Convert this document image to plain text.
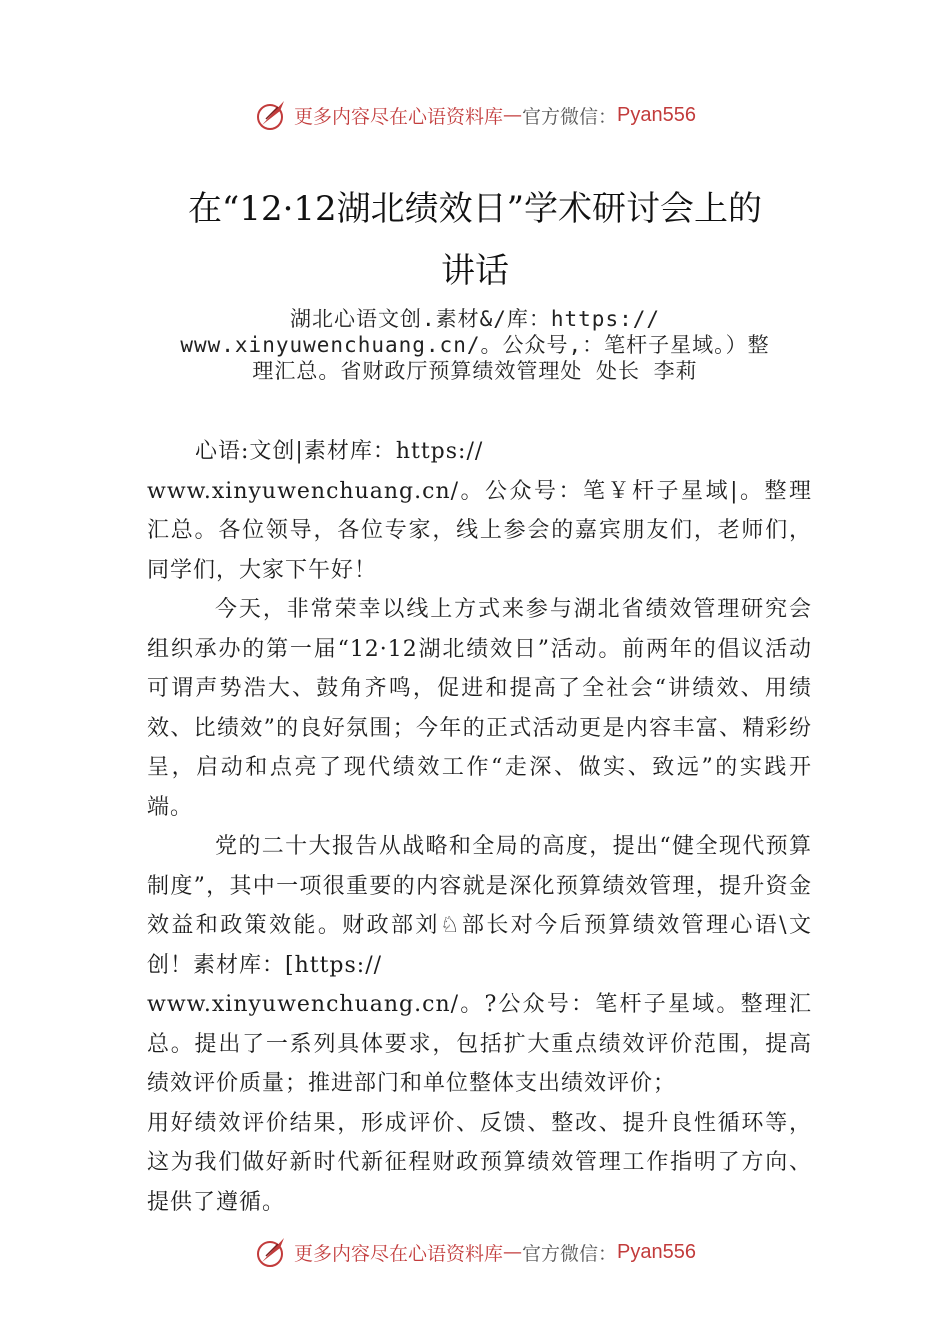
更多内容尽在心语资料库 — 官方微信： Pyan556
在“12·12湖北绩效日”学术研讨会上的
讲话
湖北心语文创.素材&/库：https://
www.xinyuwenchuang.cn/。公众号,：笔杆子星域。）整
理汇总。省财政厅预算绩效管理处 处长 李莉

心语:文创|素材库：https://

www.xinyuwenchuang.cn/。公众号：笔￥杆子星域|。整理汇总。各位领导，各位专家，线上参会的嘉宾朋友们，老师们， 同学们，大家下午好！

今天，非常荣幸以线上方式来参与湖北省绩效管理研究会组织承办的第一届“12·12湖北绩效日”活动。前两年的倡议活动可谓声势浩大、鼓角齐鸣，促进和提高了全社会“讲绩效、用绩效、比绩效”的良好氛围；今年的正式活动更是内容丰富、精彩纷呈，启动和点亮了现代绩效工作“走深、做实、致远”的实践开端。

党的二十大报告从战略和全局的高度，提出“健全现代预算制度”，其中一项很重要的内容就是深化预算绩效管理，提升资金效益和政策效能。财政部刘♘部长对今后预算绩效管理心语\文创！素材库：[https://

www.xinyuwenchuang.cn/。?公众号：笔杆子星域。整理汇总。提出了一系列具体要求，包括扩大重点绩效评价范围，提高绩效评价质量；推进部门和单位整体支出绩效评价；

用好绩效评价结果，形成评价、反馈、整改、提升良性循环等，这为我们做好新时代新征程财政预算绩效管理工作指明了方向、提供了遵循。

更多内容尽在心语资料库 — 官方微信： Pyan556
